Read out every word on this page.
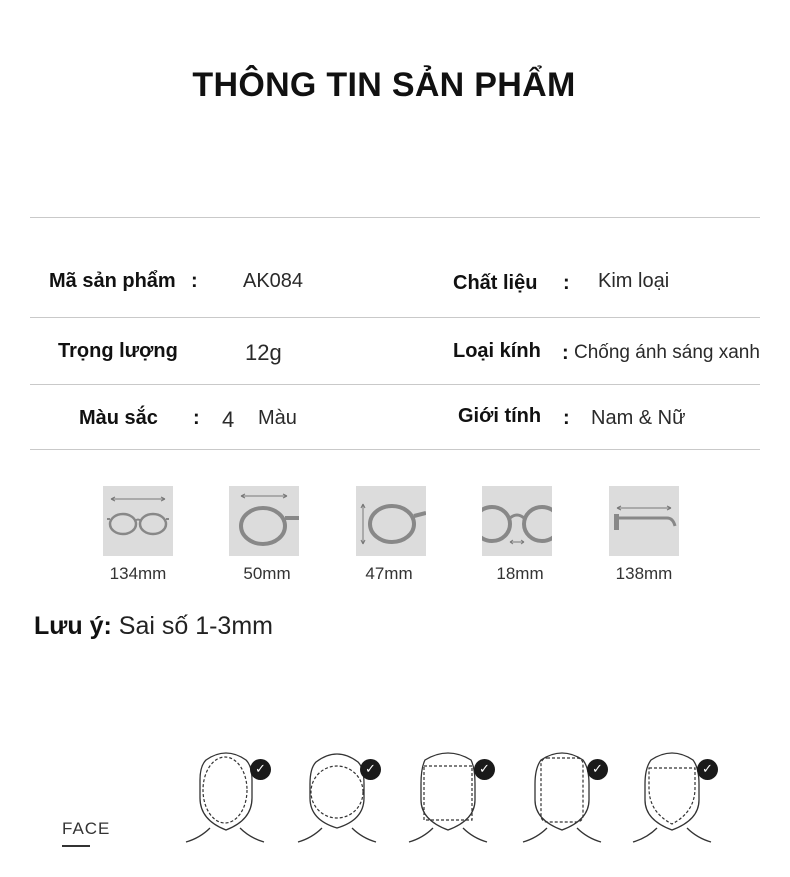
THÔNG TIN SẢN PHẨM
Mã sản phẩm : AK084	Chất liệu : Kim loại
Trọng lượng	12g	Loại kính : Chống ánh sáng xanh
Màu sắc : 4 Màu	Giới tính : Nam & Nữ
134mm	50mm	47mm	18mm	138mm
Lưu ý: Sai số 1-3mm
FACE
✓	✓	✓	✓	✓
